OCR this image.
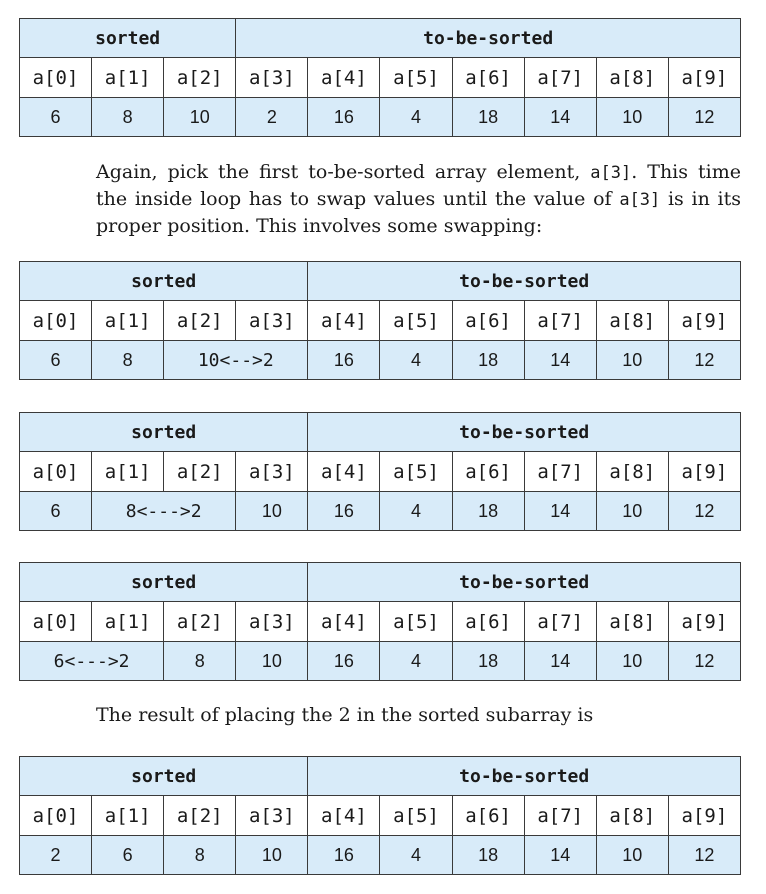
sorted			to-be-sorted						
a[0]	a[1]	a[2]	a[3]	a[4]	a[5]	a[6]	a[7]	a[8]	a[9]
6	8	10	2	16	4	18	14	10	12

Again, pick the first to-be-sorted array element, a[3]. This time the inside loop has to swap values until the value of a[3] is in its proper position. This involves some swapping:

sorted				to-be-sorted					
a[0]	a[1]	a[2]	a[3]	a[4]	a[5]	a[6]	a[7]	a[8]	a[9]
6	8	10<-->2		16	4	18	14	10	12
sorted				to-be-sorted					
a[0]	a[1]	a[2]	a[3]	a[4]	a[5]	a[6]	a[7]	a[8]	a[9]
6	8<--->2		10	16	4	18	14	10	12
sorted				to-be-sorted					
a[0]	a[1]	a[2]	a[3]	a[4]	a[5]	a[6]	a[7]	a[8]	a[9]
6<--->2		8	10	16	4	18	14	10	12

The result of placing the 2 in the sorted subarray is

sorted				to-be-sorted					
a[0]	a[1]	a[2]	a[3]	a[4]	a[5]	a[6]	a[7]	a[8]	a[9]
2	6	8	10	16	4	18	14	10	12
